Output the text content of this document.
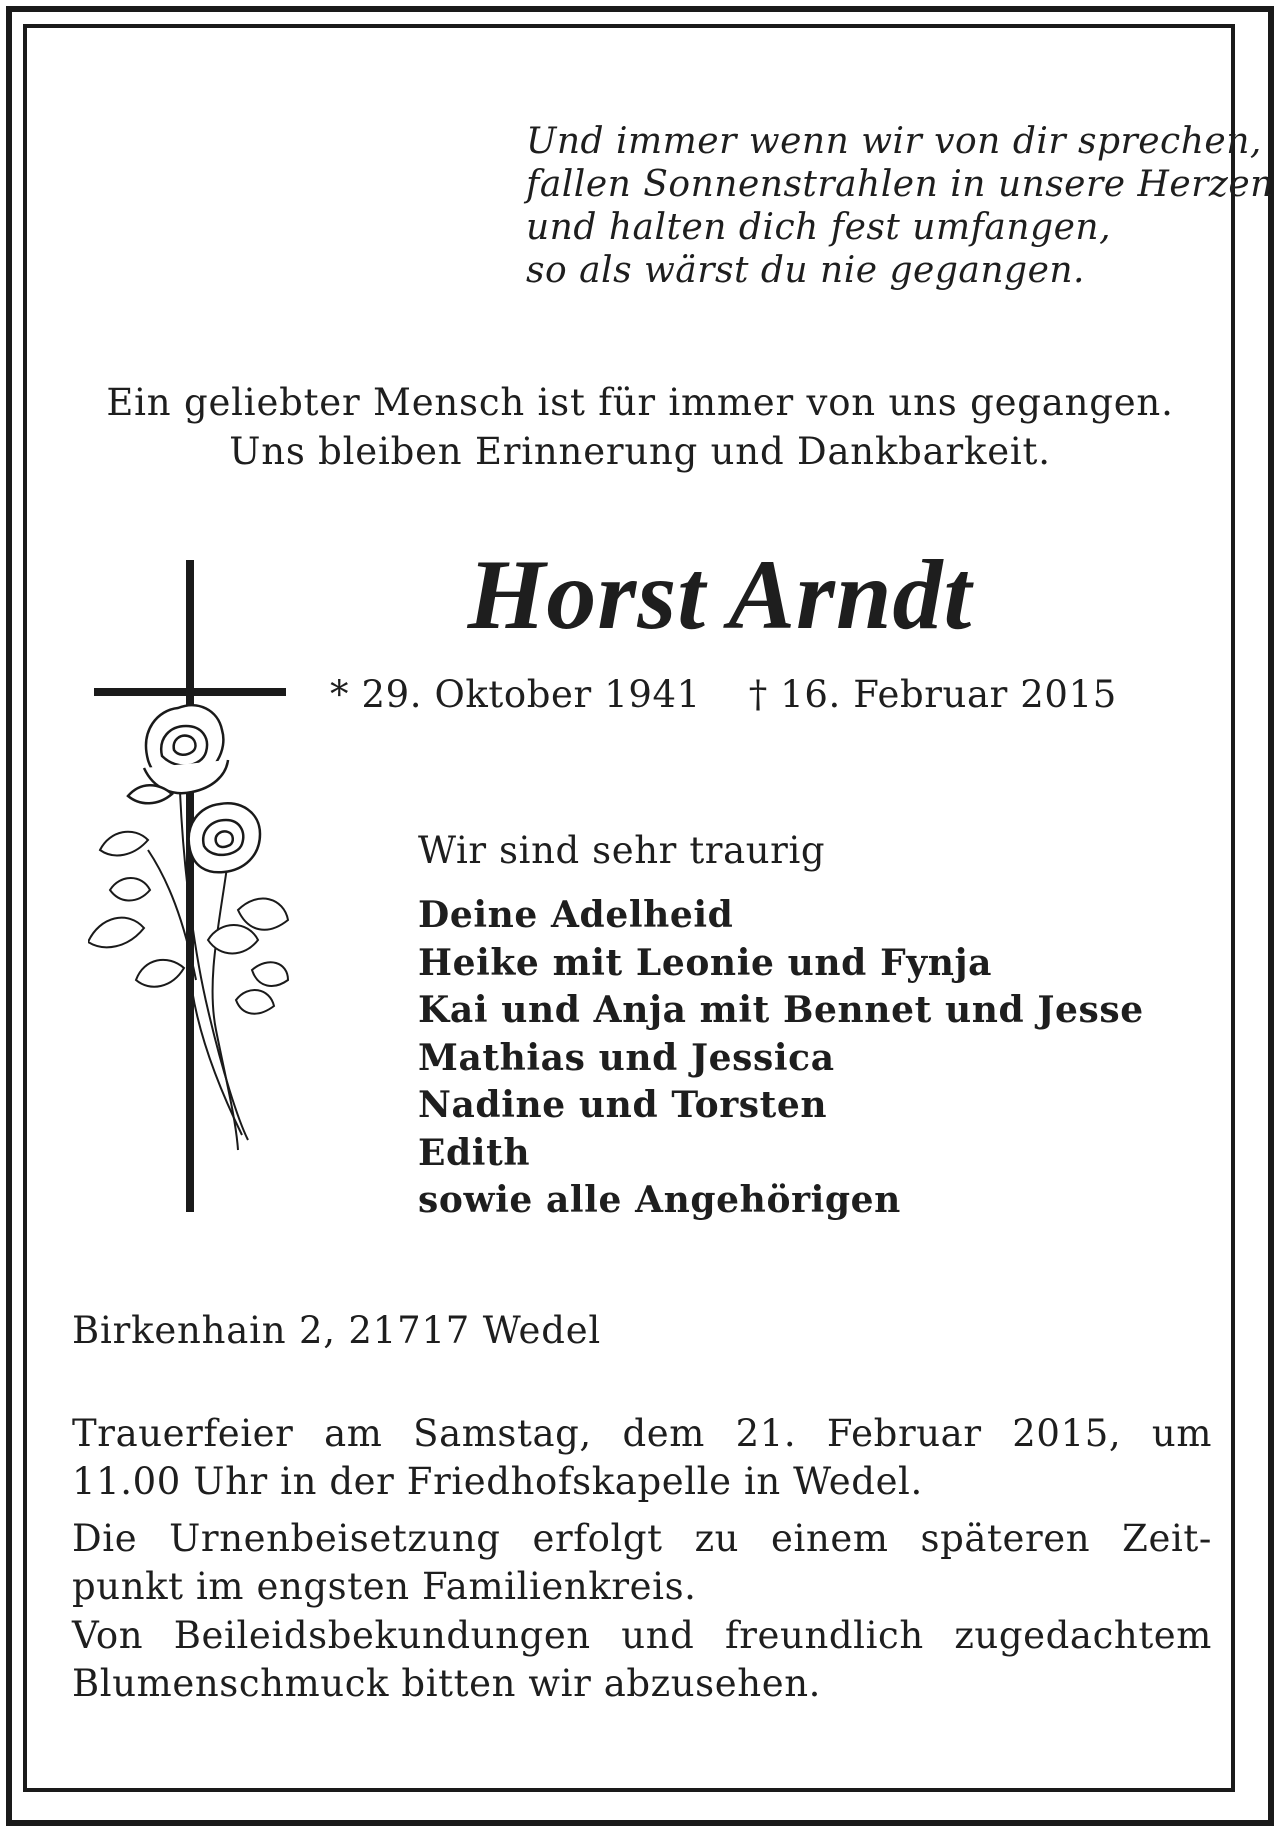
Und immer wenn wir von dir sprechen,
fallen Sonnenstrahlen in unsere Herzen
und halten dich fest umfangen,
so als wärst du nie gegangen.
Ein geliebter Mensch ist für immer von uns gegangen.
Uns bleiben Erinnerung und Dankbarkeit.
Horst Arndt
* 29. Oktober 1941 † 16. Februar 2015
Wir sind sehr traurig
Deine Adelheid
Heike mit Leonie und Fynja
Kai und Anja mit Bennet und Jesse
Mathias und Jessica
Nadine und Torsten
Edith
sowie alle Angehörigen
Birkenhain 2, 21717 Wedel
Trauerfeier am Samstag, dem 21. Februar 2015, um
11.00 Uhr in der Friedhofskapelle in Wedel.
Die Urnenbeisetzung erfolgt zu einem späteren Zeit-
punkt im engsten Familienkreis.
Von Beileidsbekundungen und freundlich zugedachtem
Blumenschmuck bitten wir abzusehen.
